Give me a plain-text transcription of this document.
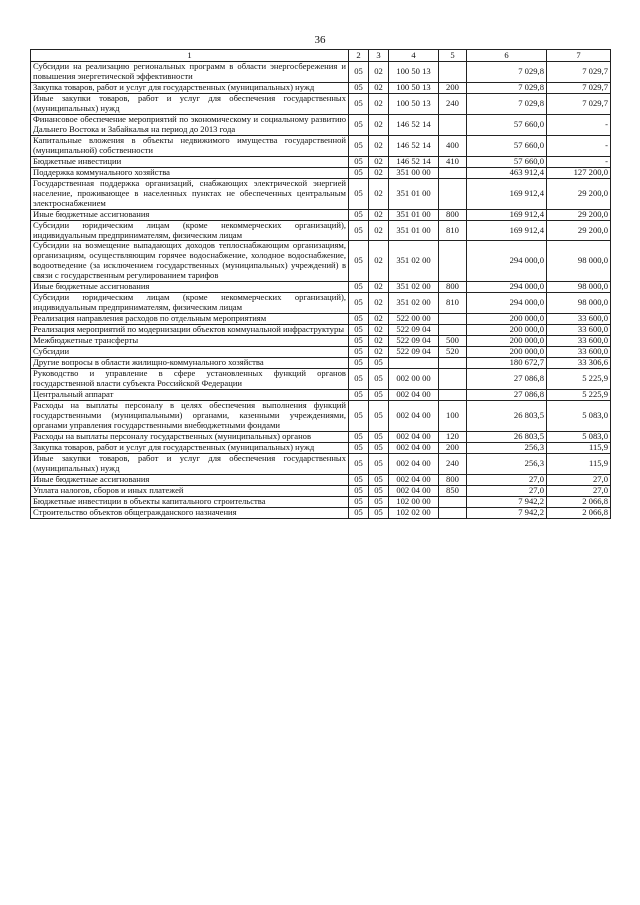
36
1	2	3	4	5	6	7
Субсидии на реализацию региональных программ в области энергосбережения и повышения энергетической эффективности	05	02	100 50 13		7 029,8	7 029,7
Закупка товаров, работ и услуг для государственных (муниципальных) нужд	05	02	100 50 13	200	7 029,8	7 029,7
Иные закупки товаров, работ и услуг для обеспечения государственных (муниципальных) нужд	05	02	100 50 13	240	7 029,8	7 029,7
Финансовое обеспечение мероприятий по экономическому и социальному развитию Дальнего Востока и Забайкалья на период до 2013 года	05	02	146 52 14		57 660,0	-
Капитальные вложения в объекты недвижимого имущества государственной (муниципальной) собственности	05	02	146 52 14	400	57 660,0	-
Бюджетные инвестиции	05	02	146 52 14	410	57 660,0	-
Поддержка коммунального хозяйства	05	02	351 00 00		463 912,4	127 200,0
Государственная поддержка организаций, снабжающих электрической энергией население, проживающее в населенных пунктах не обеспеченных центральным электроснабжением	05	02	351 01 00		169 912,4	29 200,0
Иные бюджетные ассигнования	05	02	351 01 00	800	169 912,4	29 200,0
Субсидии юридическим лицам (кроме некоммерческих организаций), индивидуальным предпринимателям, физическим лицам	05	02	351 01 00	810	169 912,4	29 200,0
Субсидии на возмещение выпадающих доходов теплоснабжающим организациям, организациям, осуществляющим горячее водоснабжение, холодное водоснабжение, водоотведение (за исключением государственных (муниципальных) учреждений) в связи с государственным регулированием тарифов	05	02	351 02 00		294 000,0	98 000,0
Иные бюджетные ассигнования	05	02	351 02 00	800	294 000,0	98 000,0
Субсидии юридическим лицам (кроме некоммерческих организаций), индивидуальным предпринимателям, физическим лицам	05	02	351 02 00	810	294 000,0	98 000,0
Реализация направления расходов по отдельным мероприятиям	05	02	522 00 00		200 000,0	33 600,0
Реализация мероприятий по модернизации объектов коммунальной инфраструктуры	05	02	522 09 04		200 000,0	33 600,0
Межбюджетные трансферты	05	02	522 09 04	500	200 000,0	33 600,0
Субсидии	05	02	522 09 04	520	200 000,0	33 600,0
Другие вопросы в области жилищно-коммунального хозяйства	05	05			180 672,7	33 306,6
Руководство и управление в сфере установленных функций органов государственной власти субъекта Российской Федерации	05	05	002 00 00		27 086,8	5 225,9
Центральный аппарат	05	05	002 04 00		27 086,8	5 225,9
Расходы на выплаты персоналу в целях обеспечения выполнения функций государственными (муниципальными) органами, казенными учреждениями, органами управления государственными внебюджетными фондами	05	05	002 04 00	100	26 803,5	5 083,0
Расходы на выплаты персоналу государственных (муниципальных) органов	05	05	002 04 00	120	26 803,5	5 083,0
Закупка товаров, работ и услуг для государственных (муниципальных) нужд	05	05	002 04 00	200	256,3	115,9
Иные закупки товаров, работ и услуг для обеспечения государственных (муниципальных) нужд	05	05	002 04 00	240	256,3	115,9
Иные бюджетные ассигнования	05	05	002 04 00	800	27,0	27,0
Уплата налогов, сборов и иных платежей	05	05	002 04 00	850	27,0	27,0
Бюджетные инвестиции в объекты капитального строительства	05	05	102 00 00		7 942,2	2 066,8
Строительство объектов общегражданского назначения	05	05	102 02 00		7 942,2	2 066,8
